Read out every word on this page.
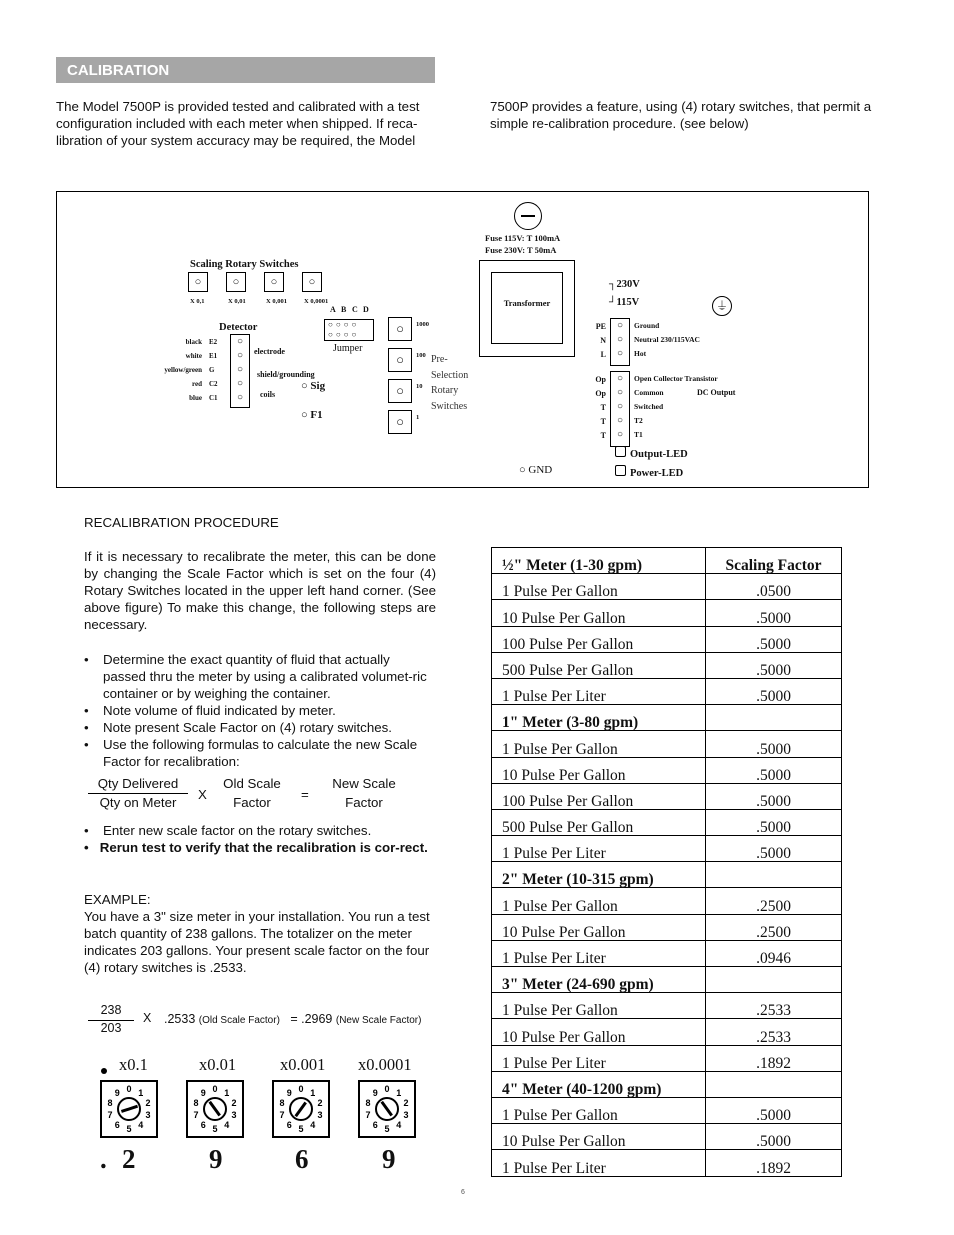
CALIBRATION
The Model 7500P is provided tested and calibrated with a test configuration included with each meter when shipped. If reca-libration of your system accuracy may be required, the Model
7500P provides a feature, using (4) rotary switches, that permit a simple re-calibration procedure. (see below)
Scaling Rotary Switches
○
X 0,1
○
X 0,01
○
X 0,001
○
X 0,0001
A B C D
○○○○ ○○○○
Jumper
Detector
black E2
white E1
yellow/green G
red C2
blue C1
○
○
○
○
○
electrode
shield/grounding
coils
○ Sig
○ F1
○	1000
○	100
○	10
○	1
Pre-
Selection
Rotary
Switches
○ GND
Fuse 115V: T 100mA
Fuse 230V: T 50mA
Transformer
┐230V
┘115V	⏚
PE	Ground
N	Neutral 230/115VAC
L	Hot
○
○
○
Op	Open Collector Transistor
Op	Common
T	Switched
T	T2
T	T1
○
○
○
○
○
DC Output
Output-LED
Power-LED
RECALIBRATION PROCEDURE
If it is necessary to recalibrate the meter, this can be done by changing the Scale Factor which is set on the four (4) Rotary Switches located in the upper left hand corner. (See above figure) To make this change, the following steps are necessary.
•	Determine the exact quantity of fluid that actually passed thru the meter by using a calibrated volumet-ric container or by weighing the container.
•	Note volume of fluid indicated by meter.
•	Note present Scale Factor on (4) rotary switches.
•	Use the following formulas to calculate the new Scale Factor for recalibration:
Qty Delivered
Qty on Meter
X
Old Scale
Factor
=
New Scale
Factor
•	Enter new scale factor on the rotary switches.
•   Rerun test to verify that the recalibration is cor-rect.
EXAMPLE:
You have a 3" size meter in your installation. You run a test batch quantity of 238 gallons. The totalizer on the meter indicates 203 gallons. Your present scale factor on the four (4) rotary switches is .2533.
238
203
X .2533 (Old Scale Factor) = .2969 (New Scale Factor)
x0.1	x0.01	x0.001 x0.0001
0 1
2
3
4
5
6
7
8
9	0 1
2
3
4
5
6
7
8
9	0 1
2
3
4
5
6
7
8
9	0 1
2
3
4
5
6
7
8
9
. 2	9	6	9
½" Meter (1-30 gpm)	Scaling Factor
1 Pulse Per Gallon	.0500
10 Pulse Per Gallon	.5000
100 Pulse Per Gallon	.5000
500 Pulse Per Gallon	.5000
1 Pulse Per Liter	.5000
1" Meter (3-80 gpm)	
1 Pulse Per Gallon	.5000
10 Pulse Per Gallon	.5000
100 Pulse Per Gallon	.5000
500 Pulse Per Gallon	.5000
1 Pulse Per Liter	.5000
2" Meter (10-315 gpm)	
1 Pulse Per Gallon	.2500
10 Pulse Per Gallon	.2500
1 Pulse Per Liter	.0946
3" Meter (24-690 gpm)	
1 Pulse Per Gallon	.2533
10 Pulse Per Gallon	.2533
1 Pulse Per Liter	.1892
4" Meter (40-1200 gpm)	
1 Pulse Per Gallon	.5000
10 Pulse Per Gallon	.5000
1 Pulse Per Liter	.1892
6
